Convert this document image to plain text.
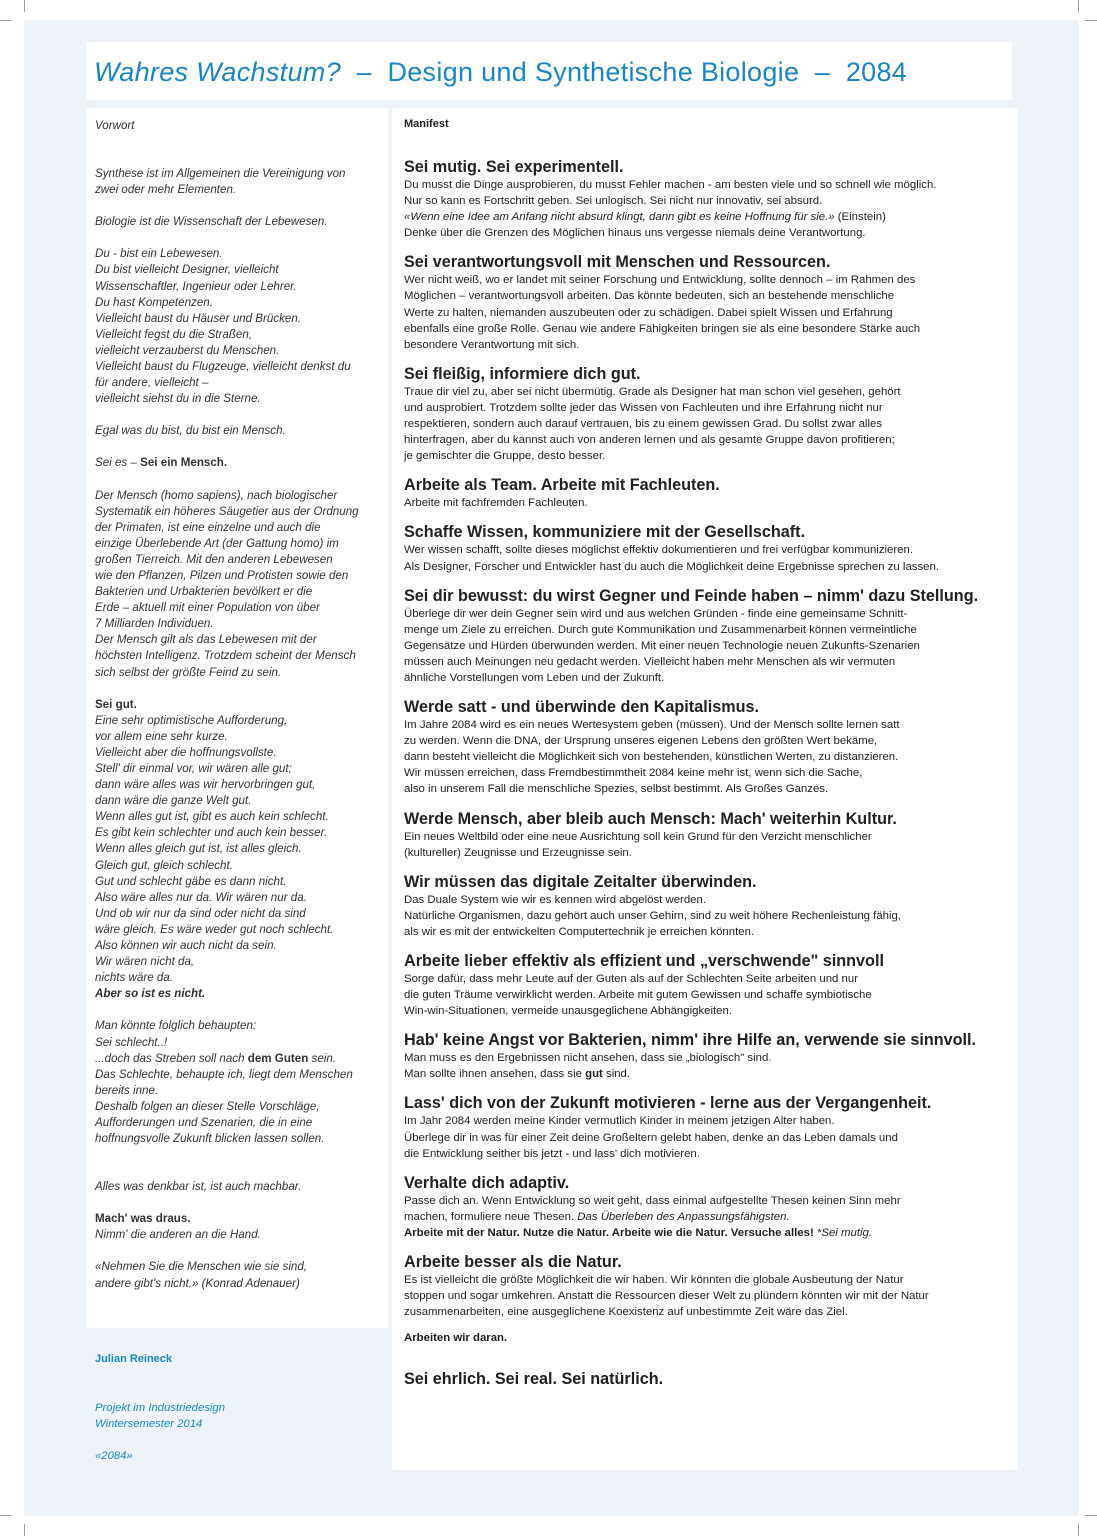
Wahres Wachstum? – Design und Synthetische Biologie – 2084

Vorwort

Synthese ist im Allgemeinen die Vereinigung von
zwei oder mehr Elementen.

Biologie ist die Wissenschaft der Lebewesen.

Du - bist ein Lebewesen.
Du bist vielleicht Designer, vielleicht
Wissenschaftler, Ingenieur oder Lehrer.
Du hast Kompetenzen.
Vielleicht baust du Häuser und Brücken.
Vielleicht fegst du die Straßen,
vielleicht verzauberst du Menschen.
Vielleicht baust du Flugzeuge, vielleicht denkst du
für andere, vielleicht –
vielleicht siehst du in die Sterne.

Egal was du bist, du bist ein Mensch.

Sei es – Sei ein Mensch.

Der Mensch (homo sapiens), nach biologischer
Systematik ein höheres Säugetier aus der Ordnung
der Primaten, ist eine einzelne und auch die
einzige Überlebende Art (der Gattung homo) im
großen Tierreich. Mit den anderen Lebewesen
wie den Pflanzen, Pilzen und Protisten sowie den
Bakterien und Urbakterien bevölkert er die
Erde – aktuell mit einer Population von über
7 Milliarden Individuen.
Der Mensch gilt als das Lebewesen mit der
höchsten Intelligenz. Trotzdem scheint der Mensch
sich selbst der größte Feind zu sein.

Sei gut.
Eine sehr optimistische Aufforderung,
vor allem eine sehr kurze.
Vielleicht aber die hoffnungsvollste.
Stell' dir einmal vor, wir wären alle gut;
dann wäre alles was wir hervorbringen gut,
dann wäre die ganze Welt gut.
Wenn alles gut ist, gibt es auch kein schlecht.
Es gibt kein schlechter und auch kein besser.
Wenn alles gleich gut ist, ist alles gleich.
Gleich gut, gleich schlecht.
Gut und schlecht gäbe es dann nicht.
Also wäre alles nur da. Wir wären nur da.
Und ob wir nur da sind oder nicht da sind
wäre gleich. Es wäre weder gut noch schlecht.
Also können wir auch nicht da sein.
Wir wären nicht da,
nichts wäre da.
Aber so ist es nicht.

Man könnte folglich behaupten:
Sei schlecht..!
...doch das Streben soll nach dem Guten sein.
Das Schlechte, behaupte ich, liegt dem Menschen
bereits inne.
Deshalb folgen an dieser Stelle Vorschläge,
Aufforderungen und Szenarien, die in eine
hoffnungsvolle Zukunft blicken lassen sollen.

Alles was denkbar ist, ist auch machbar.

Mach' was draus.
Nimm' die anderen an die Hand.

«Nehmen Sie die Menschen wie sie sind,
andere gibt's nicht.» (Konrad Adenauer)

Julian Reineck
Projekt im Industriedesign
Wintersemester 2014
«2084»
Manifest
Sei mutig. Sei experimentell.
Du musst die Dinge ausprobieren, du musst Fehler machen - am besten viele und so schnell wie möglich.
Nur so kann es Fortschritt geben. Sei unlogisch. Sei nicht nur innovativ, sei absurd.
«Wenn eine Idee am Anfang nicht absurd klingt, dann gibt es keine Hoffnung für sie.» (Einstein)
Denke über die Grenzen des Möglichen hinaus uns vergesse niemals deine Verantwortung.
Sei verantwortungsvoll mit Menschen und Ressourcen.
Wer nicht weiß, wo er landet mit seiner Forschung und Entwicklung, sollte dennoch – im Rahmen des
Möglichen – verantwortungsvoll arbeiten. Das könnte bedeuten, sich an bestehende menschliche
Werte zu halten, niemanden auszubeuten oder zu schädigen. Dabei spielt Wissen und Erfahrung
ebenfalls eine große Rolle. Genau wie andere Fähigkeiten bringen sie als eine besondere Stärke auch
besondere Verantwortung mit sich.
Sei fleißig, informiere dich gut.
Traue dir viel zu, aber sei nicht übermütig. Grade als Designer hat man schon viel gesehen, gehört
und ausprobiert. Trotzdem sollte jeder das Wissen von Fachleuten und ihre Erfahrung nicht nur
respektieren, sondern auch darauf vertrauen, bis zu einem gewissen Grad. Du sollst zwar alles
hinterfragen, aber du kannst auch von anderen lernen und als gesamte Gruppe davon profitieren;
je gemischter die Gruppe, desto besser.
Arbeite als Team. Arbeite mit Fachleuten.
Arbeite mit fachfremden Fachleuten.
Schaffe Wissen, kommuniziere mit der Gesellschaft.
Wer wissen schafft, sollte dieses möglichst effektiv dokumentieren und frei verfügbar kommunizieren.
Als Designer, Forscher und Entwickler hast du auch die Möglichkeit deine Ergebnisse sprechen zu lassen.
Sei dir bewusst: du wirst Gegner und Feinde haben – nimm' dazu Stellung.
Überlege dir wer dein Gegner sein wird und aus welchen Gründen - finde eine gemeinsame Schnitt-
menge um Ziele zu erreichen. Durch gute Kommunikation und Zusammenarbeit können vermeintliche
Gegensätze und Hürden überwunden werden. Mit einer neuen Technologie neuen Zukunfts-Szenarien
müssen auch Meinungen neu gedacht werden. Vielleicht haben mehr Menschen als wir vermuten
ähnliche Vorstellungen vom Leben und der Zukunft.
Werde satt - und überwinde den Kapitalismus.
Im Jahre 2084 wird es ein neues Wertesystem geben (müssen). Und der Mensch sollte lernen satt
zu werden. Wenn die DNA, der Ursprung unseres eigenen Lebens den größten Wert bekäme,
dann besteht vielleicht die Möglichkeit sich von bestehenden, künstlichen Werten, zu distanzieren.
Wir müssen erreichen, dass Fremdbestimmtheit 2084 keine mehr ist, wenn sich die Sache,
also in unserem Fall die menschliche Spezies, selbst bestimmt. Als Großes Ganzes.
Werde Mensch, aber bleib auch Mensch: Mach' weiterhin Kultur.
Ein neues Weltbild oder eine neue Ausrichtung soll kein Grund für den Verzicht menschlicher
(kultureller) Zeugnisse und Erzeugnisse sein.
Wir müssen das digitale Zeitalter überwinden.
Das Duale System wie wir es kennen wird abgelöst werden.
Natürliche Organismen, dazu gehört auch unser Gehirn, sind zu weit höhere Rechenleistung fähig,
als wir es mit der entwickelten Computertechnik je erreichen könnten.
Arbeite lieber effektiv als effizient und „verschwende" sinnvoll
Sorge dafür, dass mehr Leute auf der Guten als auf der Schlechten Seite arbeiten und nur
die guten Träume verwirklicht werden. Arbeite mit gutem Gewissen und schaffe symbiotische
Win-win-Situationen, vermeide unausgeglichene Abhängigkeiten.
Hab' keine Angst vor Bakterien, nimm' ihre Hilfe an, verwende sie sinnvoll.
Man muss es den Ergebnissen nicht ansehen, dass sie „biologisch" sind.
Man sollte ihnen ansehen, dass sie gut sind.
Lass' dich von der Zukunft motivieren - lerne aus der Vergangenheit.
Im Jahr 2084 werden meine Kinder vermutlich Kinder in meinem jetzigen Alter haben.
Überlege dir in was für einer Zeit deine Großeltern gelebt haben, denke an das Leben damals und
die Entwicklung seither bis jetzt - und lass' dich motivieren.
Verhalte dich adaptiv.
Passe dich an. Wenn Entwicklung so weit geht, dass einmal aufgestellte Thesen keinen Sinn mehr
machen, formuliere neue Thesen. Das Überleben des Anpassungsfähigsten.
Arbeite mit der Natur. Nutze die Natur. Arbeite wie die Natur. Versuche alles! *Sei mutig.
Arbeite besser als die Natur.
Es ist vielleicht die größte Möglichkeit die wir haben. Wir könnten die globale Ausbeutung der Natur
stoppen und sogar umkehren. Anstatt die Ressourcen dieser Welt zu plündern könnten wir mit der Natur
zusammenarbeiten, eine ausgeglichene Koexistenz auf unbestimmte Zeit wäre das Ziel.
Arbeiten wir daran.
Sei ehrlich. Sei real. Sei natürlich.
